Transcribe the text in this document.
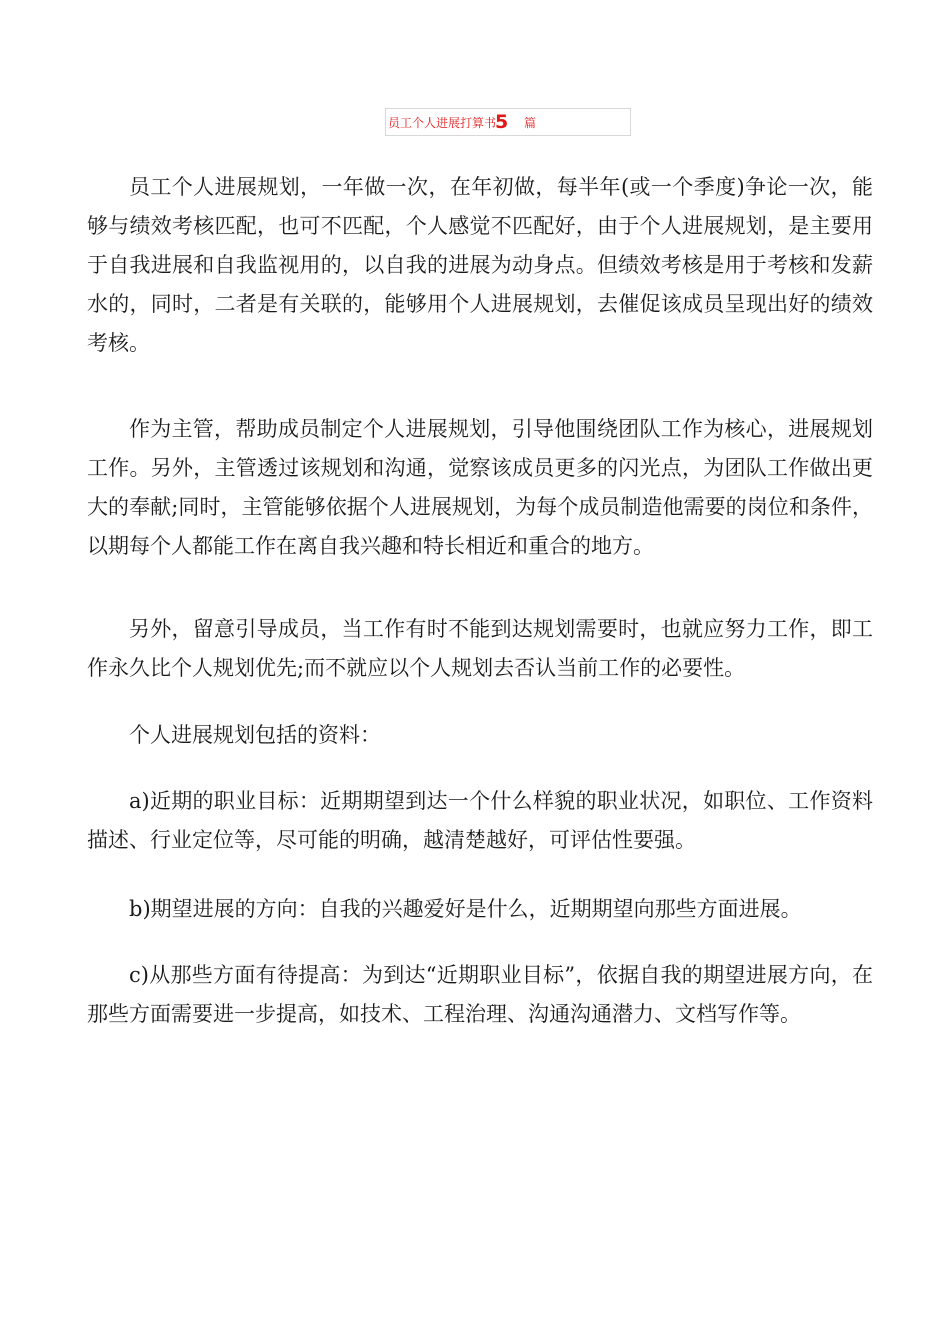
员工个人进展打算书
5 篇

员工个人进展规划，一年做一次，在年初做，每半年(或一个季度)争论一次，能够与绩效考核匹配，也可不匹配，个人感觉不匹配好，由于个人进展规划，是主要用于自我进展和自我监视用的，以自我的进展为动身点。但绩效考核是用于考核和发薪水的，同时，二者是有关联的，能够用个人进展规划，去催促该成员呈现出好的绩效考核。

作为主管，帮助成员制定个人进展规划，引导他围绕团队工作为核心，进展规划工作。另外，主管透过该规划和沟通，觉察该成员更多的闪光点，为团队工作做出更大的奉献;同时，主管能够依据个人进展规划，为每个成员制造他需要的岗位和条件，以期每个人都能工作在离自我兴趣和特长相近和重合的地方。

另外，留意引导成员，当工作有时不能到达规划需要时，也就应努力工作，即工作永久比个人规划优先;而不就应以个人规划去否认当前工作的必要性。

个人进展规划包括的资料：

a)近期的职业目标：近期期望到达一个什么样貌的职业状况，如职位、工作资料描述、行业定位等，尽可能的明确，越清楚越好，可评估性要强。

b)期望进展的方向：自我的兴趣爱好是什么，近期期望向那些方面进展。

c)从那些方面有待提高：为到达“近期职业目标”，依据自我的期望进展方向，在那些方面需要进一步提高，如技术、工程治理、沟通沟通潜力、文档写作等。
